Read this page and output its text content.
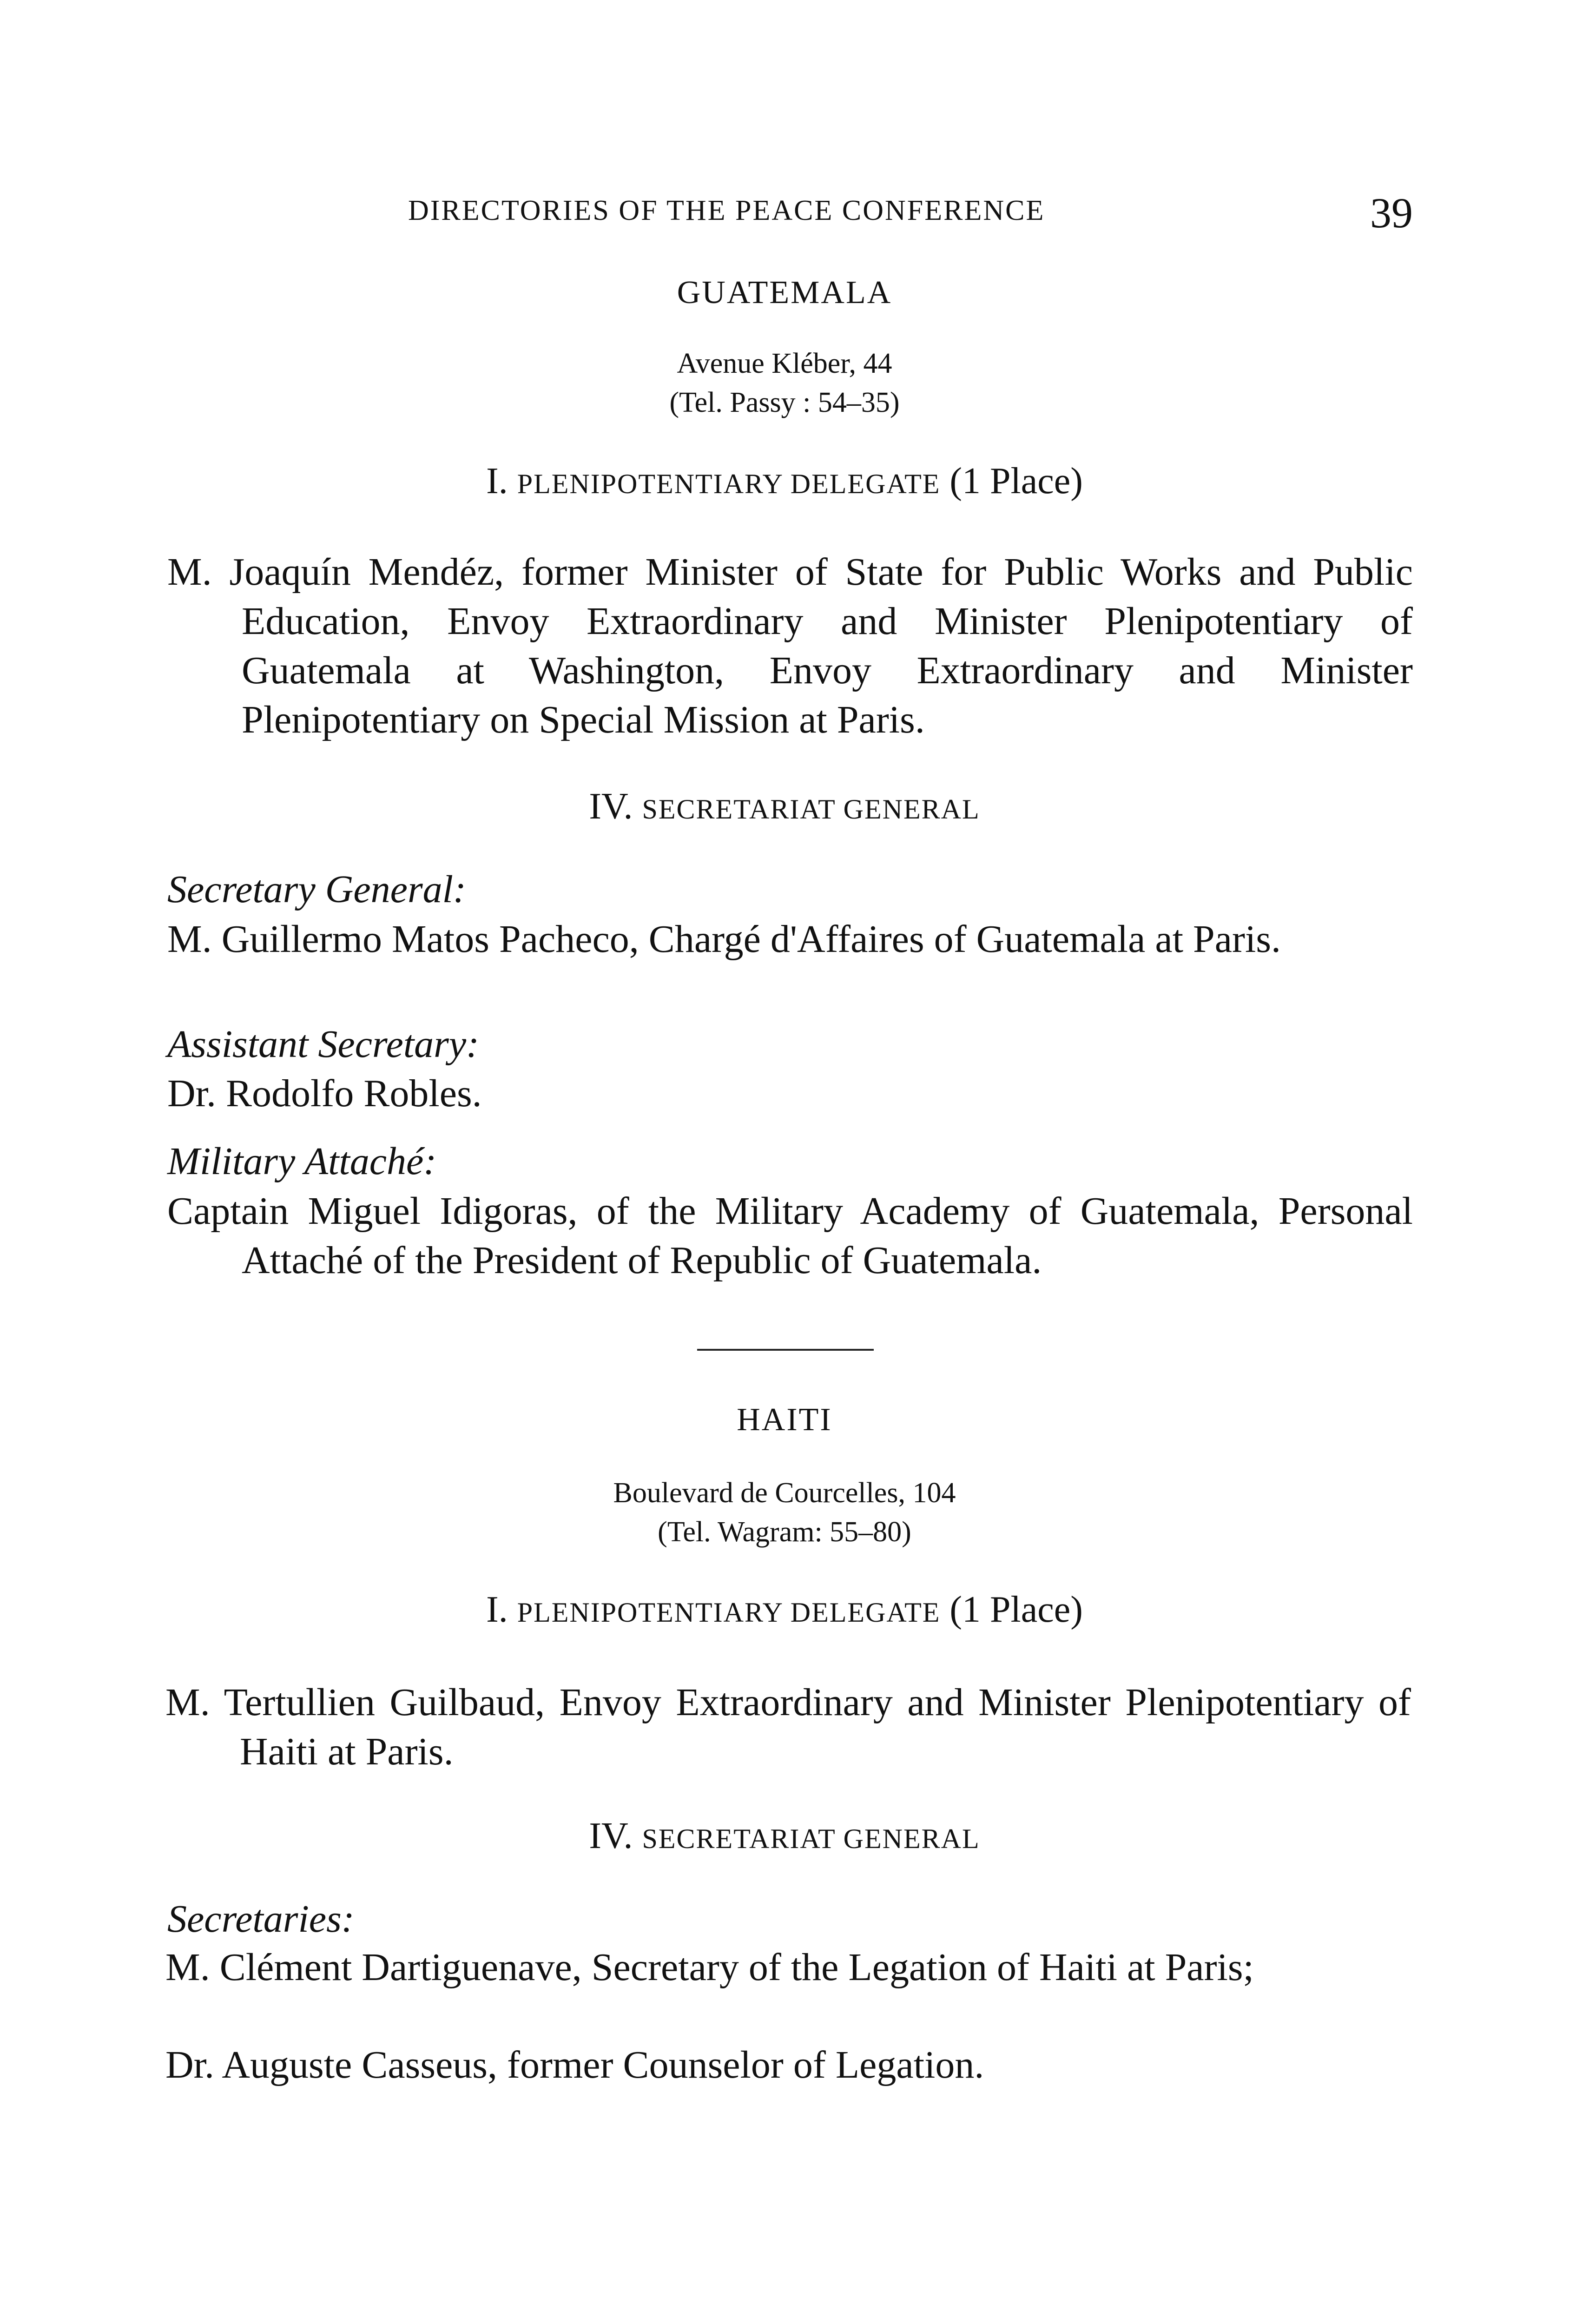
DIRECTORIES OF THE PEACE CONFERENCE	39
GUATEMALA
Avenue Kléber, 44
(Tel. Passy : 54–35)
I. PLENIPOTENTIARY DELEGATE (1 Place)
M. Joaquín Mendéz, former Minister of State for Public Works and Public Education, Envoy Extraordinary and Minister Plenipotentiary of Guatemala at Washington, Envoy Extraordinary and Minister Plenipotentiary on Special Mission at Paris.
IV. SECRETARIAT GENERAL
Secretary General:
M. Guillermo Matos Pacheco, Chargé d'Affaires of Guatemala at Paris.
Assistant Secretary:
Dr. Rodolfo Robles.
Military Attaché:
Captain Miguel Idigoras, of the Military Academy of Guatemala, Personal Attaché of the President of Republic of Guatemala.
HAITI
Boulevard de Courcelles, 104
(Tel. Wagram: 55–80)
I. PLENIPOTENTIARY DELEGATE (1 Place)
M. Tertullien Guilbaud, Envoy Extraordinary and Minister Plenipotentiary of Haiti at Paris.
IV. SECRETARIAT GENERAL
Secretaries:
M. Clément Dartiguenave, Secretary of the Legation of Haiti at Paris;
Dr. Auguste Casseus, former Counselor of Legation.
